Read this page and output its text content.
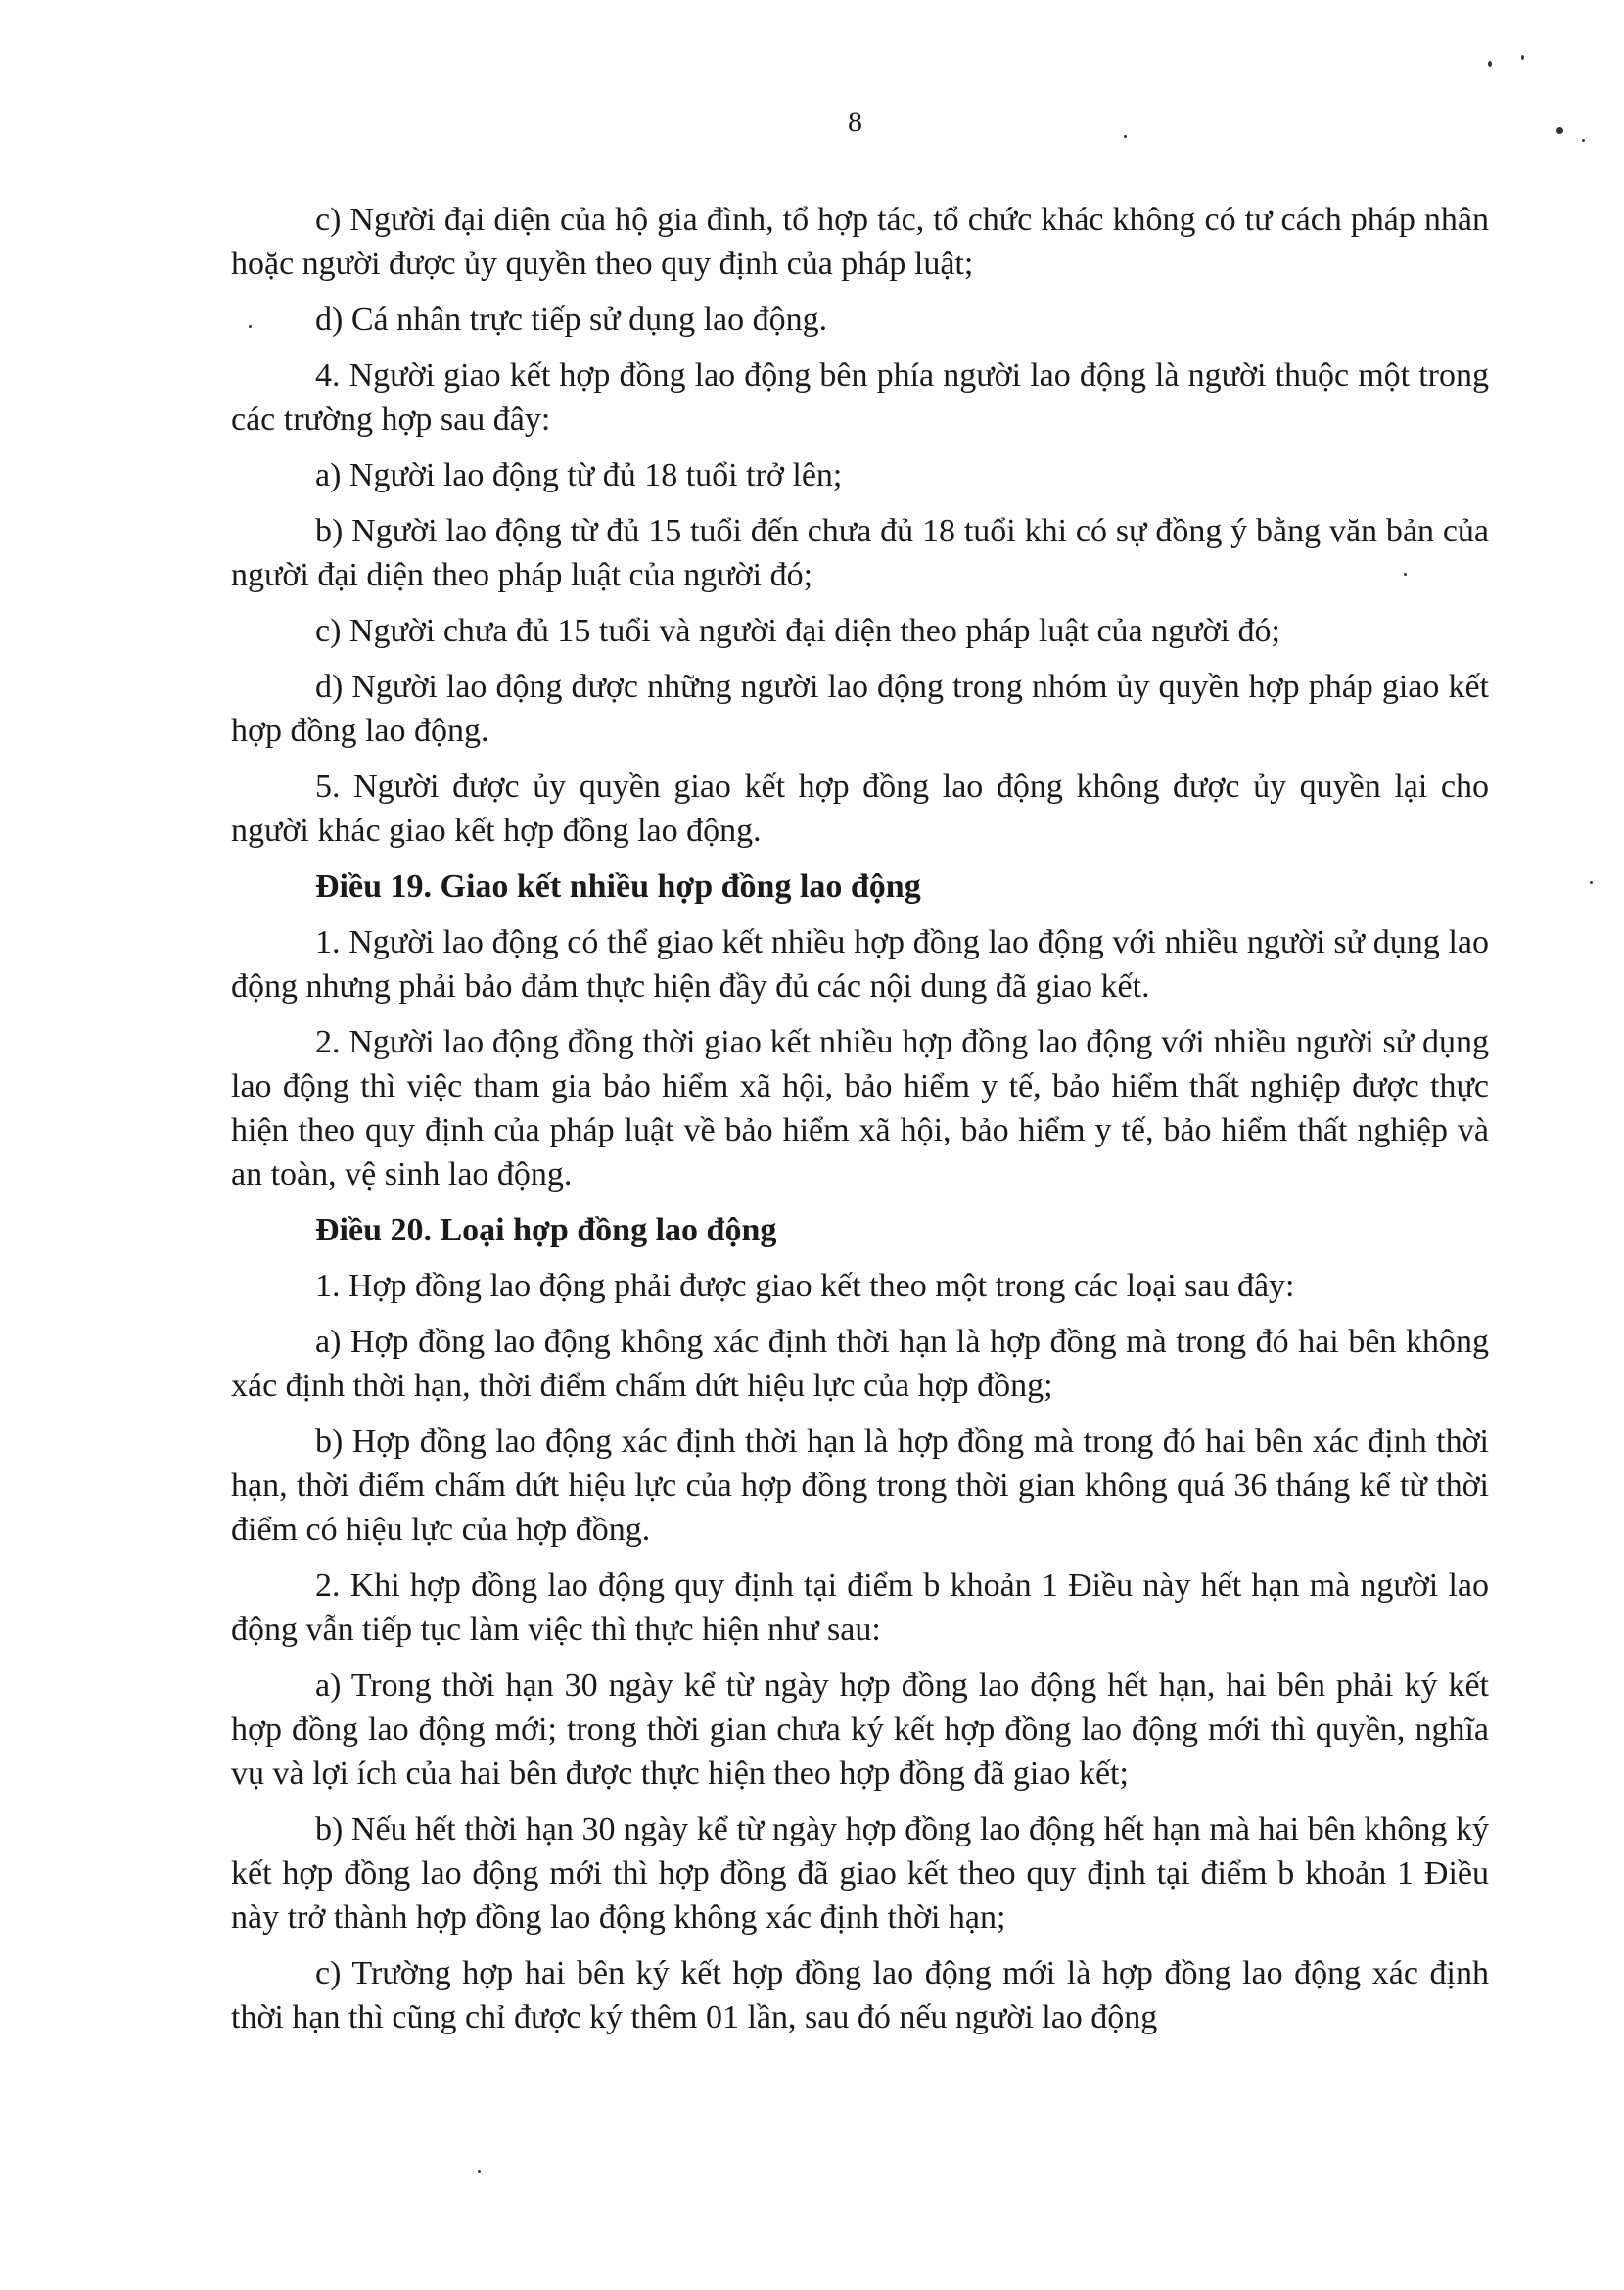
8

c) Người đại diện của hộ gia đình, tổ hợp tác, tổ chức khác không có tư cách pháp nhân hoặc người được ủy quyền theo quy định của pháp luật;

d) Cá nhân trực tiếp sử dụng lao động.

4. Người giao kết hợp đồng lao động bên phía người lao động là người thuộc một trong các trường hợp sau đây:

a) Người lao động từ đủ 18 tuổi trở lên;

b) Người lao động từ đủ 15 tuổi đến chưa đủ 18 tuổi khi có sự đồng ý bằng văn bản của người đại diện theo pháp luật của người đó;

c) Người chưa đủ 15 tuổi và người đại diện theo pháp luật của người đó;

d) Người lao động được những người lao động trong nhóm ủy quyền hợp pháp giao kết hợp đồng lao động.

5. Người được ủy quyền giao kết hợp đồng lao động không được ủy quyền lại cho người khác giao kết hợp đồng lao động.

Điều 19. Giao kết nhiều hợp đồng lao động

1. Người lao động có thể giao kết nhiều hợp đồng lao động với nhiều người sử dụng lao động nhưng phải bảo đảm thực hiện đầy đủ các nội dung đã giao kết.

2. Người lao động đồng thời giao kết nhiều hợp đồng lao động với nhiều người sử dụng lao động thì việc tham gia bảo hiểm xã hội, bảo hiểm y tế, bảo hiểm thất nghiệp được thực hiện theo quy định của pháp luật về bảo hiểm xã hội, bảo hiểm y tế, bảo hiểm thất nghiệp và an toàn, vệ sinh lao động.

Điều 20. Loại hợp đồng lao động

1. Hợp đồng lao động phải được giao kết theo một trong các loại sau đây:

a) Hợp đồng lao động không xác định thời hạn là hợp đồng mà trong đó hai bên không xác định thời hạn, thời điểm chấm dứt hiệu lực của hợp đồng;

b) Hợp đồng lao động xác định thời hạn là hợp đồng mà trong đó hai bên xác định thời hạn, thời điểm chấm dứt hiệu lực của hợp đồng trong thời gian không quá 36 tháng kể từ thời điểm có hiệu lực của hợp đồng.

2. Khi hợp đồng lao động quy định tại điểm b khoản 1 Điều này hết hạn mà người lao động vẫn tiếp tục làm việc thì thực hiện như sau:

a) Trong thời hạn 30 ngày kể từ ngày hợp đồng lao động hết hạn, hai bên phải ký kết hợp đồng lao động mới; trong thời gian chưa ký kết hợp đồng lao động mới thì quyền, nghĩa vụ và lợi ích của hai bên được thực hiện theo hợp đồng đã giao kết;

b) Nếu hết thời hạn 30 ngày kể từ ngày hợp đồng lao động hết hạn mà hai bên không ký kết hợp đồng lao động mới thì hợp đồng đã giao kết theo quy định tại điểm b khoản 1 Điều này trở thành hợp đồng lao động không xác định thời hạn;

c) Trường hợp hai bên ký kết hợp đồng lao động mới là hợp đồng lao động xác định thời hạn thì cũng chỉ được ký thêm 01 lần, sau đó nếu người lao động
